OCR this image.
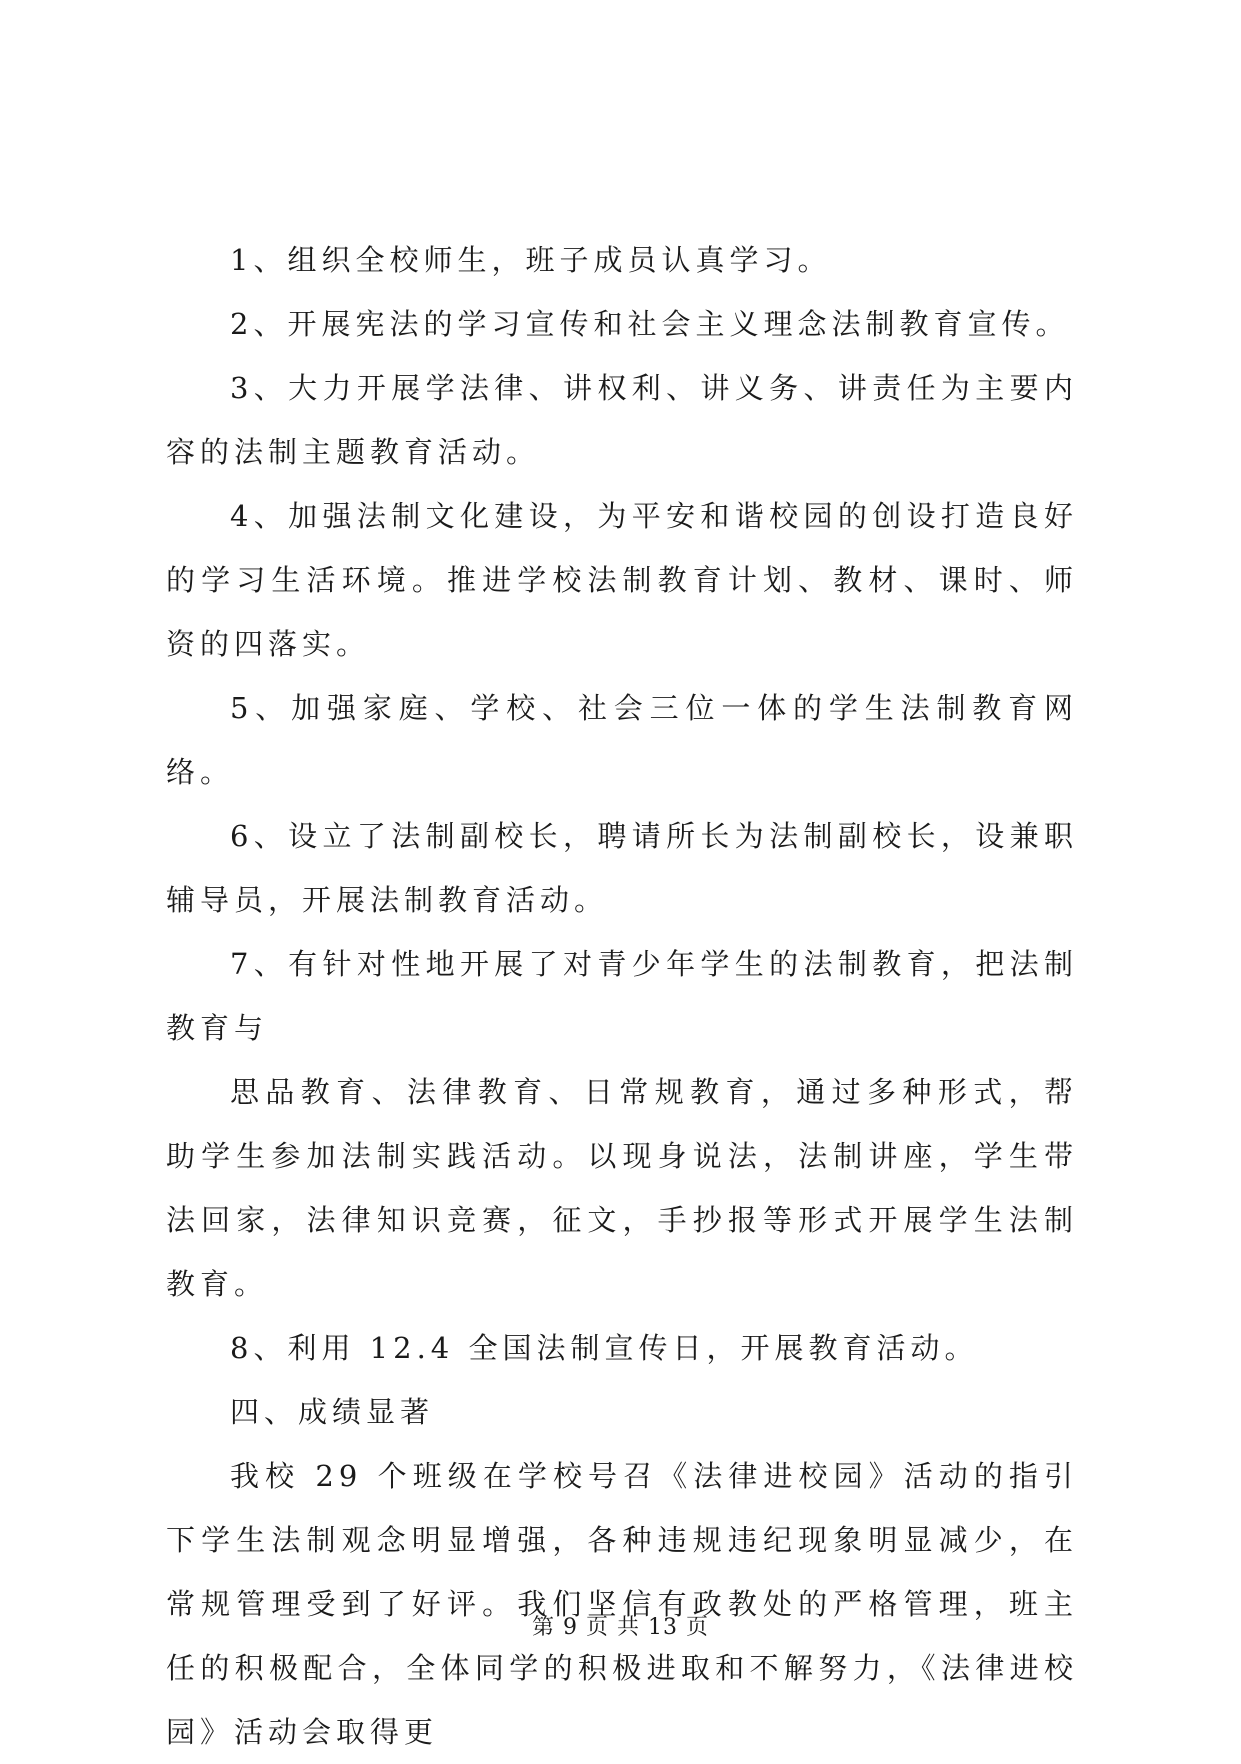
1、组织全校师生，班子成员认真学习。

2、开展宪法的学习宣传和社会主义理念法制教育宣传。

3、大力开展学法律、讲权利、讲义务、讲责任为主要内容的法制主题教育活动。

4、加强法制文化建设，为平安和谐校园的创设打造良好的学习生活环境。推进学校法制教育计划、教材、课时、师资的四落实。

5、加强家庭、学校、社会三位一体的学生法制教育网络。

6、设立了法制副校长，聘请所长为法制副校长，设兼职辅导员，开展法制教育活动。

7、有针对性地开展了对青少年学生的法制教育，把法制教育与

思品教育、法律教育、日常规教育，通过多种形式，帮助学生参加法制实践活动。以现身说法，法制讲座，学生带法回家，法律知识竞赛，征文，手抄报等形式开展学生法制教育。

8、利用 12.4 全国法制宣传日，开展教育活动。

四、成绩显著

我校 29 个班级在学校号召《法律进校园》活动的指引下学生法制观念明显增强，各种违规违纪现象明显减少，在常规管理受到了好评。我们坚信有政教处的严格管理，班主任的积极配合，全体同学的积极进取和不解努力，《法律进校园》活动会取得更

第 9 页 共 13 页
